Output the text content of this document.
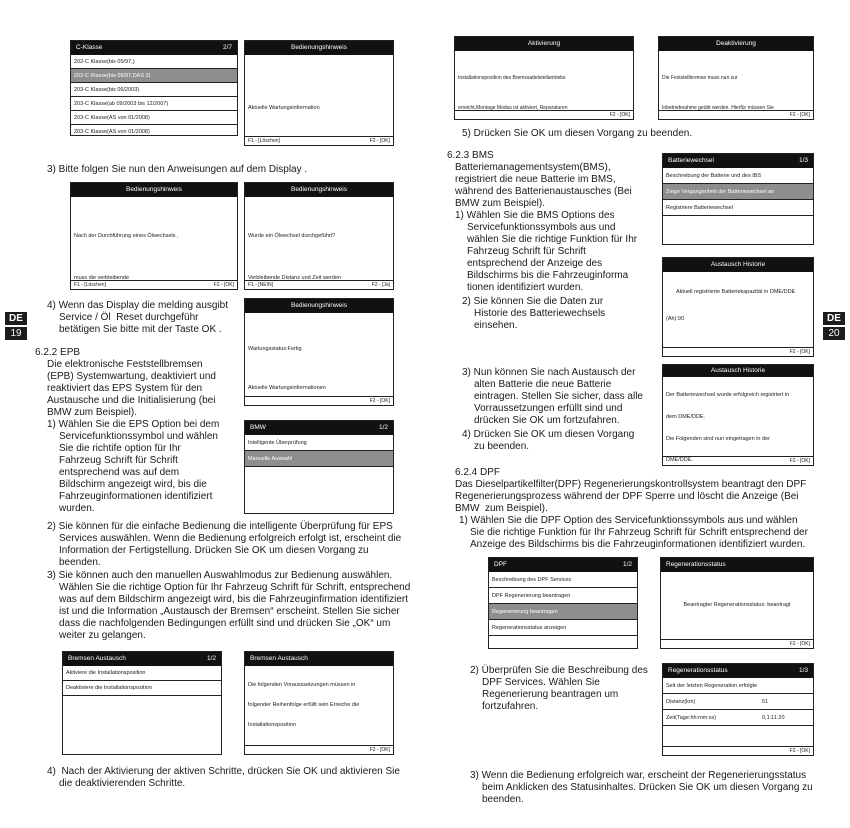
DE
19
DE
20
C-Klasse	2/7
202-C Klasse(bis 05/97,)
202-C Klasse(bis 06/97,DAS 3)
203-C Klasse(bis 06/2003)
203-C Klasse(ab 09/2003 bis 12/2007)
203-C Klasse(AS von 01/2008)
203-C Klasse(AS von 01/2008)
Bedienungshinweis

Aktuelle Wartungsinformation

F1 - [Löschen]	F2 - [OK]
3) Bitte folgen Sie nun den Anweisungen auf dem Display .
Bedienungshinweis

Nach der Durchführung eines Ölwechsels ,

muss die verbleibende

F1 - [Löschen]	F2 - [OK]
Bedienungshinweis

Wurde ein Ölwechsel durchgeführt?

Verbleibende Distanz und Zeit werden

F1 - [NEIN]	F2 - [Ja]
4) Wenn das Display die melding ausgibt
Service / Öl  Reset durchgeführ
betätigen Sie bitte mit der Taste OK .
Bedienungshinweis

Wartungsstatus:Fertig

Aktuelle Wartungsinformationen

F2 - [OK]
6.2.2 EPB
Die elektronische Feststellbremsen
(EPB) Systemwartung, deaktiviert und
reaktiviert das EPS System für den
Austausche und die Initialisierung (bei
BMW zum Beispiel).
1) Wählen Sie die EPS Option bei dem
Servicefunktionssymbol und wählen
Sie die richtife option für Ihr
Fahrzeug Schrift für Schrift
entsprechend was auf dem
Bildschirm angezeigt wird, bis die
Fahrzeuginformationen identifiziert
wurden.
BMW	1/2
Intelligente Überprüfung
Manuelle Auswahl
2) Sie können für die einfache Bedienung die intelligente Überprüfung für EPS
Services auswählen. Wenn die Bedienung erfolgreich erfolgt ist, erscheint die
Information der Fertigstellung. Drücken Sie OK um diesen Vorgang zu
beenden.
3) Sie können auch den manuellen Auswahlmodus zur Bedienung auswählen.
Wählen Sie die richtige Option für Ihr Fahrzeug Schrift für Schrift, entsprechend
was auf dem Bildschirm angezeigt wird, bis die Fahrzeuginfirmation identifiziert
ist und die Information „Austausch der Bremsen“ erscheint. Stellen Sie sicher
dass die nachfolgenden Bedingungen erfüllt sind und drücken Sie „OK“ um
weiter zu gelangen.
Bremsen Austausch	1/2
Aktiviere die Installationsposition
Deaktiviere die Installationsposition
Bremsen Austausch

Die folgenden Vorausssetzungen müssen in

folgender Reihenfolge erfüllt sein Erreiche die

Installationsposition

F2 - [OK]
4)  Nach der Aktivierung der aktiven Schritte, drücken Sie OK und aktivieren Sie
die deaktivierenden Schritte.
Aktivierung

Installationsposition des Bremssattelsteilantriebs

erreicht,Montage Modus ist aktiviert, Reparaturen

F2 - [OK]
Deaktivierung

Die Feststellbremse muss nun zur

Inbetriebnahme geübt werden. Hierfür müssen Sie

F2 - [OK]
5) Drücken Sie OK um diesen Vorgang zu beenden.
6.2.3 BMS
Batteriemanagementsystem(BMS),
registriert die neue Batterie im BMS,
während des Batterienaustausches (Bei
BMW zum Beispiel).
1) Wählen Sie die BMS Options des
Servicefunktionssymbols aus und
wählen Sie die richtige Funktion für Ihr
Fahrzeug Schrift für Schrift
entsprechend der Anzeige des
Bildschirms bis die Fahrzeuginforma
tionen identifiziert wurden.
2) Sie können Sie die Daten zur
Historie des Batteriewechsels
einsehen.
Batteriewechsel	1/3
Beschreibung der Batterie und des IBS
Zeige Vergangenheit der Batteriewechsel an
Registriere Batteriewechsel
Austausch Historie

Aktuell registrierte Batteriekapazität in DME/DDE

(Ah):90

F2 - [OK]
3) Nun können Sie nach Austausch der
alten Batterie die neue Batterie
eintragen. Stellen Sie sicher, dass alle
Vorraussetzungen erfüllt sind und
drücken Sie OK um fortzufahren.
4) Drücken Sie OK um diesen Vorgang
zu beenden.
Austausch Historie

Der Batteriewechsel wurde erfolgreich registriert in

dem DME/DDE.

Die Folgenden sind nun eingetragen in der

DME/DDE.

	F2 - [OK]
6.2.4 DPF
Das Dieselpartikelfilter(DPF) Regenerierungskontrollsystem beantragt den DPF
Regenerierungsprozess während der DPF Sperre und löscht die Anzeige (Bei
BMW  zum Beispiel).
1) Wählen Sie die DPF Option des Servicefunktionssymbols aus und wählen
Sie die richtige Funktion für Ihr Fahrzeug Schrift für Schrift entsprechend der
Anzeige des Bildschirms bis die Fahrzeuginformationen identifiziert wurden.
DPF	1/2
Beschreibung des DPF Services
DPF Regenerierung beantragen
Regenerierung beantragen
Regenerationsstatus anzeigen
Regenerationsstatus
Beantragter Regenerationsstatus: beantragt
F2 - [OK]
2) Überprüfen Sie die Beschreibung des
DPF Services. Wählen Sie
Regenerierung beantragen um
fortzufahren.
Regenerationsstatus	1/3
Seit der letzten Regeneration erfolgte
Distanz(km)	51
Zeit(Tage:hh:mm:ss)	0,1:11:20
F2 - [OK]
3) Wenn die Bedienung erfolgreich war, erscheint der Regenerierungsstatus
beim Anklicken des Statusinhaltes. Drücken Sie OK um diesen Vorgang zu
beenden.
